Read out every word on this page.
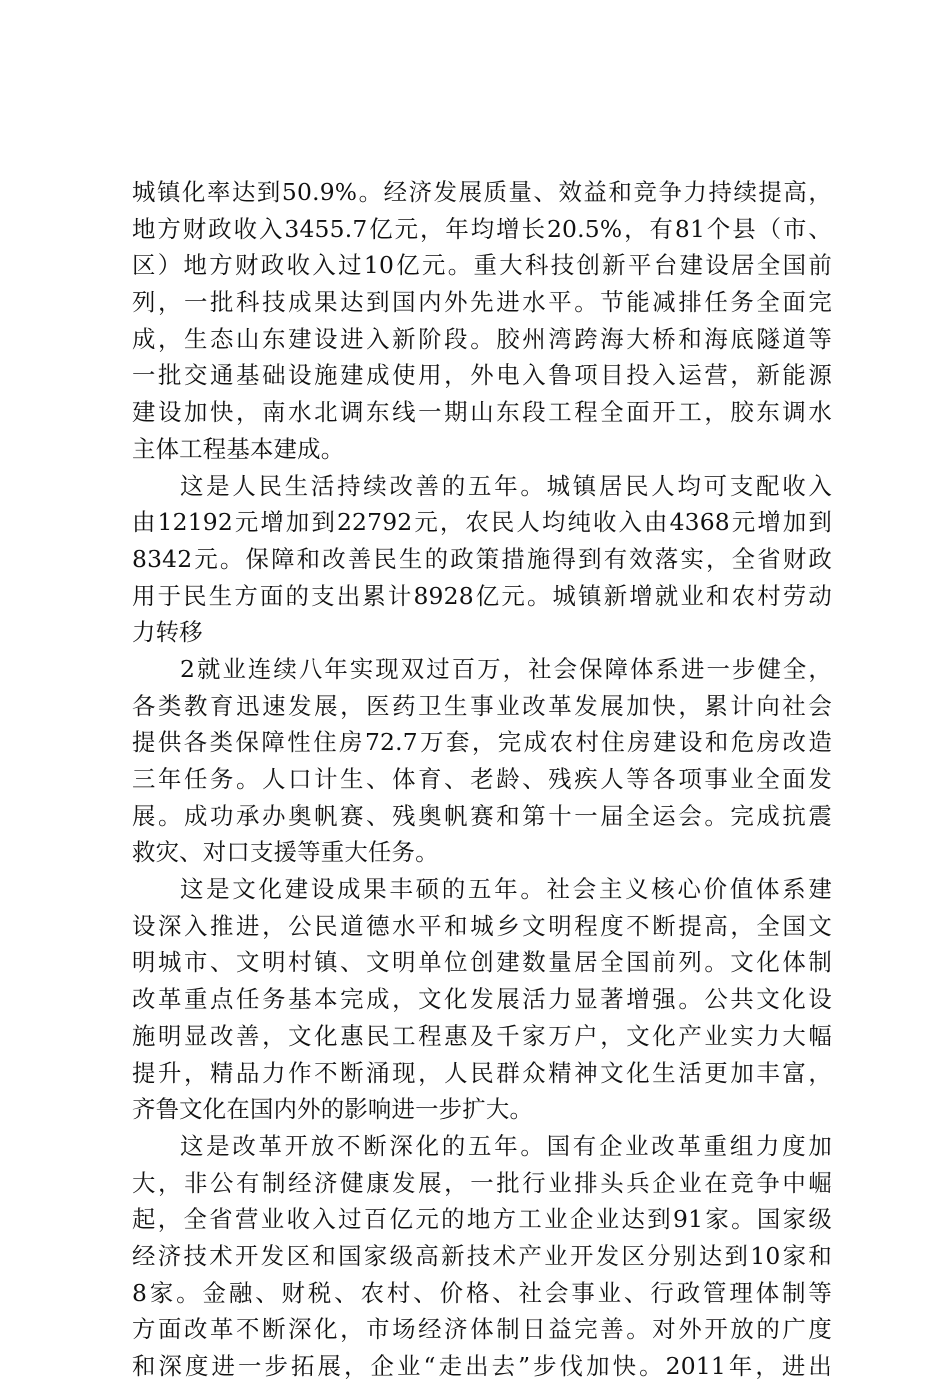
城镇化率达到50.9%。经济发展质量、效益和竞争力持续提高，
地方财政收入3455.7亿元，年均增长20.5%，有81个县（市、
区）地方财政收入过10亿元。重大科技创新平台建设居全国前
列，一批科技成果达到国内外先进水平。节能减排任务全面完
成，生态山东建设进入新阶段。胶州湾跨海大桥和海底隧道等
一批交通基础设施建成使用，外电入鲁项目投入运营，新能源
建设加快，南水北调东线一期山东段工程全面开工，胶东调水
主体工程基本建成。
这是人民生活持续改善的五年。城镇居民人均可支配收入
由12192元增加到22792元，农民人均纯收入由4368元增加到
8342元。保障和改善民生的政策措施得到有效落实，全省财政
用于民生方面的支出累计8928亿元。城镇新增就业和农村劳动
力转移
2就业连续八年实现双过百万，社会保障体系进一步健全，
各类教育迅速发展，医药卫生事业改革发展加快，累计向社会
提供各类保障性住房72.7万套，完成农村住房建设和危房改造
三年任务。人口计生、体育、老龄、残疾人等各项事业全面发
展。成功承办奥帆赛、残奥帆赛和第十一届全运会。完成抗震
救灾、对口支援等重大任务。
这是文化建设成果丰硕的五年。社会主义核心价值体系建
设深入推进，公民道德水平和城乡文明程度不断提高，全国文
明城市、文明村镇、文明单位创建数量居全国前列。文化体制
改革重点任务基本完成，文化发展活力显著增强。公共文化设
施明显改善，文化惠民工程惠及千家万户，文化产业实力大幅
提升，精品力作不断涌现，人民群众精神文化生活更加丰富，
齐鲁文化在国内外的影响进一步扩大。
这是改革开放不断深化的五年。国有企业改革重组力度加
大，非公有制经济健康发展，一批行业排头兵企业在竞争中崛
起，全省营业收入过百亿元的地方工业企业达到91家。国家级
经济技术开发区和国家级高新技术产业开发区分别达到10家和
8家。金融、财税、农村、价格、社会事业、行政管理体制等
方面改革不断深化，市场经济体制日益完善。对外开放的广度
和深度进一步拓展，企业“走出去”步伐加快。2011年，进出
